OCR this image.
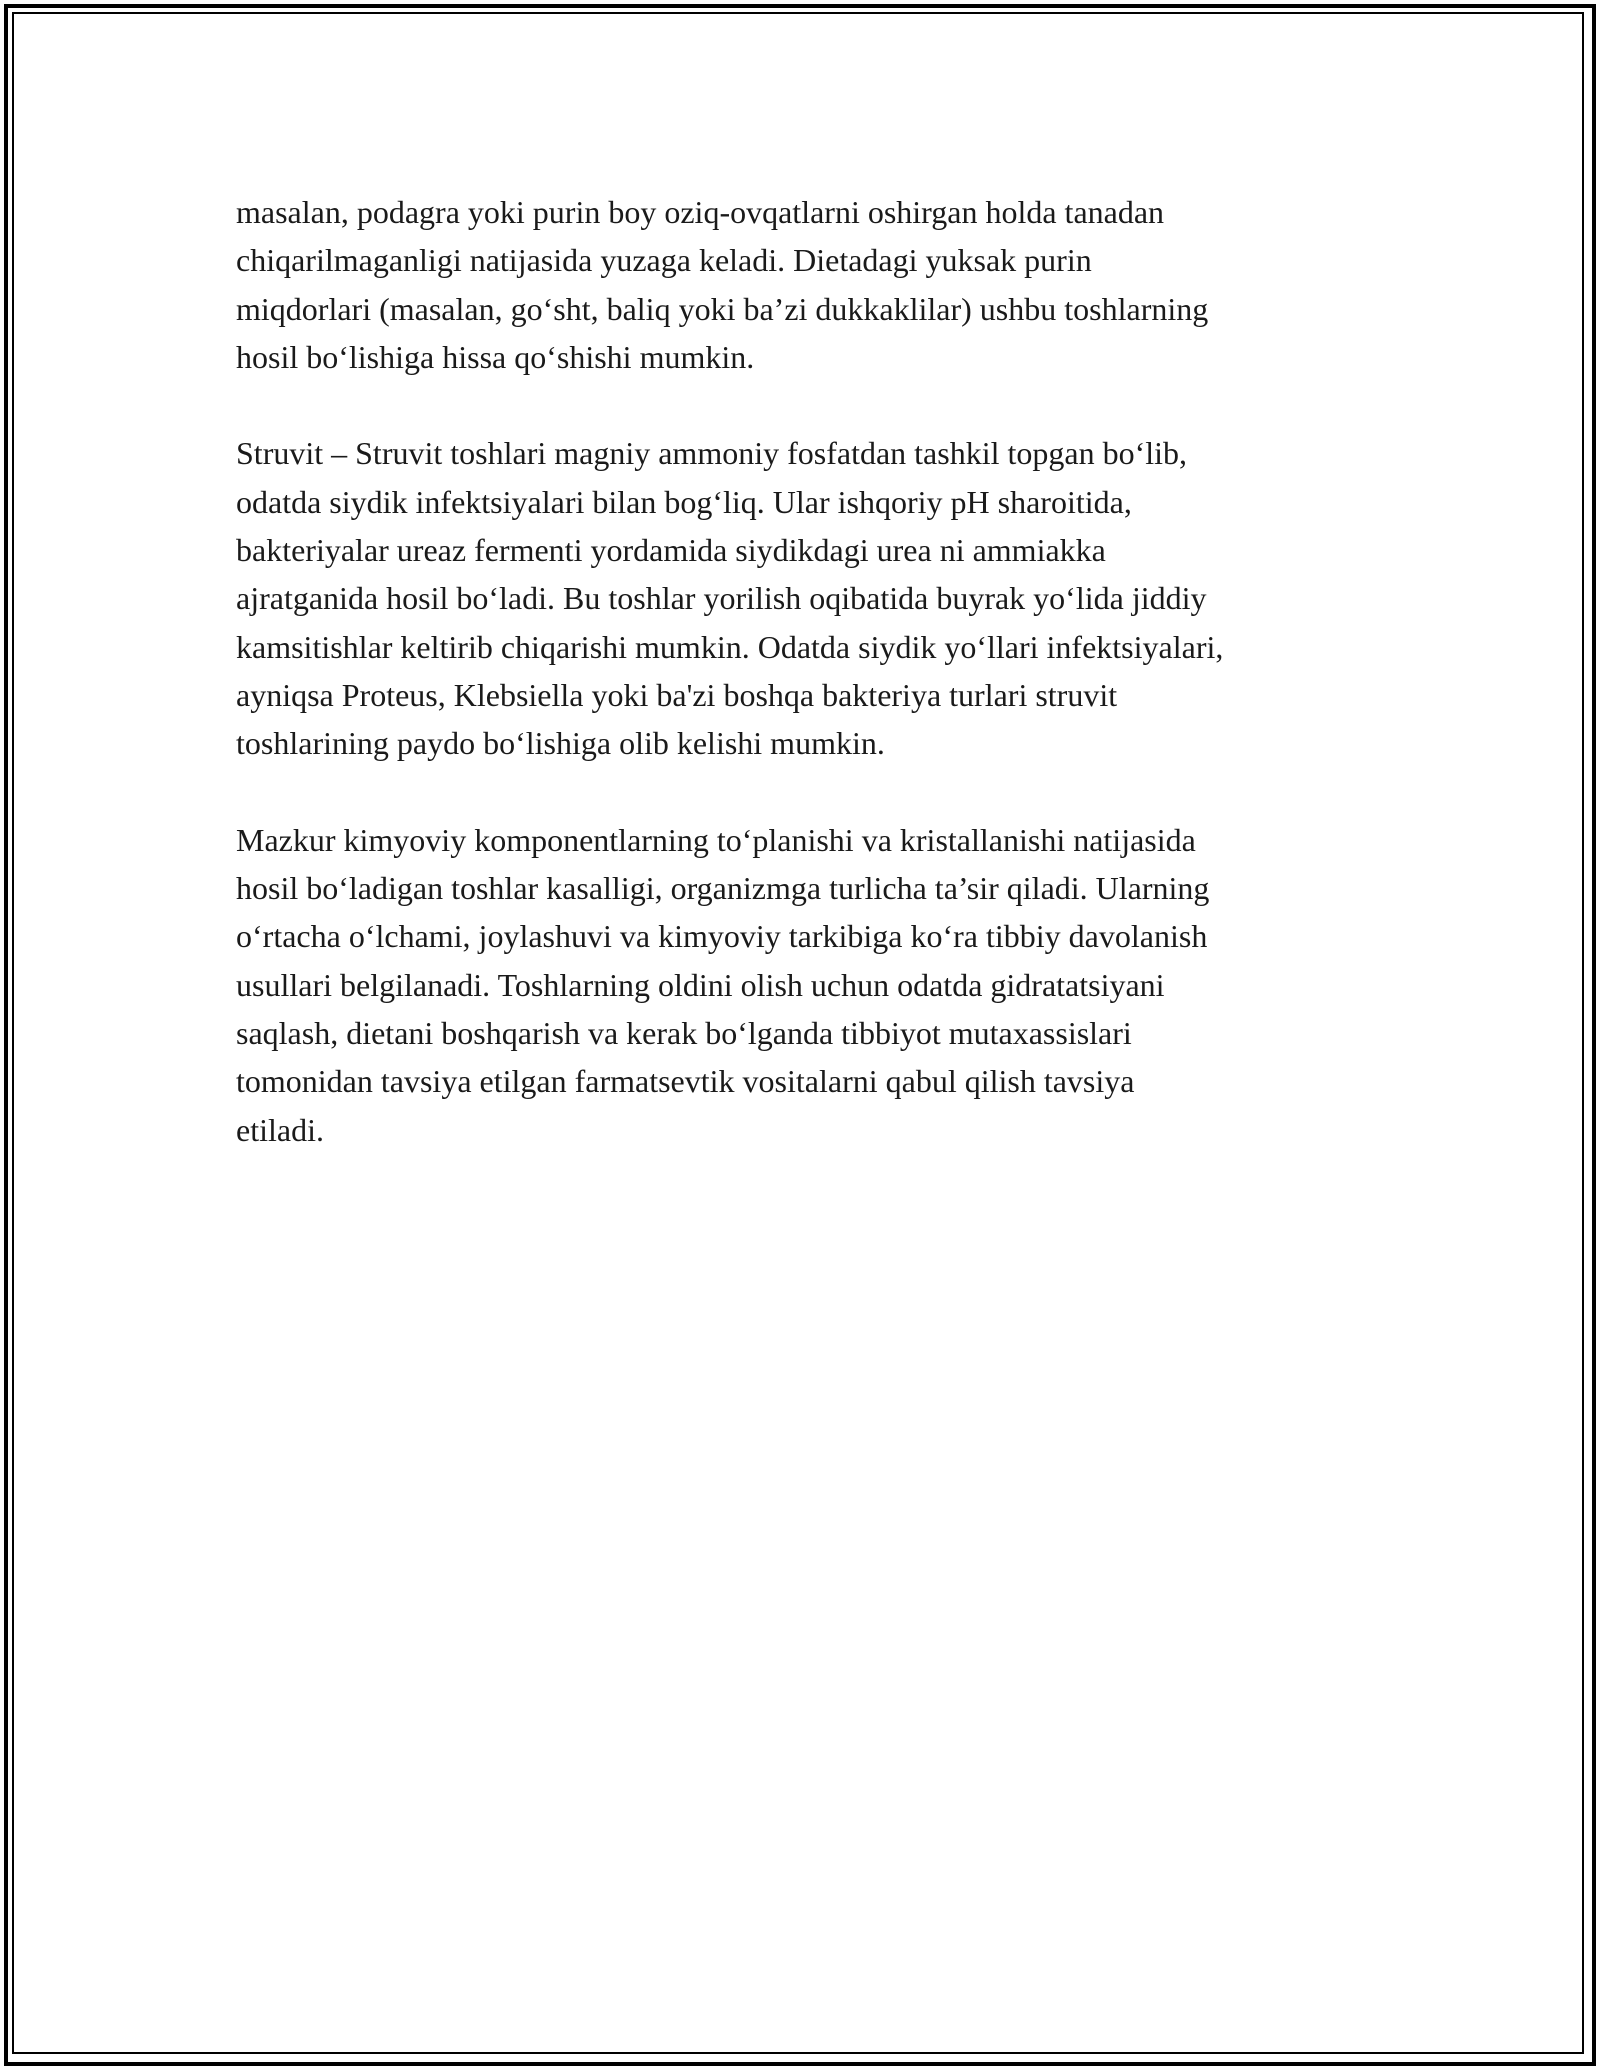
masalan, podagra yoki purin boy oziq-ovqatlarni oshirgan holda tanadan
chiqarilmaganligi natijasida yuzaga keladi. Dietadagi yuksak purin
miqdorlari (masalan, go‘sht, baliq yoki ba’zi dukkaklilar) ushbu toshlarning
hosil bo‘lishiga hissa qo‘shishi mumkin.

Struvit – Struvit toshlari magniy ammoniy fosfatdan tashkil topgan bo‘lib,
odatda siydik infektsiyalari bilan bog‘liq. Ular ishqoriy pH sharoitida,
bakteriyalar ureaz fermenti yordamida siydikdagi urea ni ammiakka
ajratganida hosil bo‘ladi. Bu toshlar yorilish oqibatida buyrak yo‘lida jiddiy
kamsitishlar keltirib chiqarishi mumkin. Odatda siydik yo‘llari infektsiyalari,
ayniqsa Proteus, Klebsiella yoki ba'zi boshqa bakteriya turlari struvit
toshlarining paydo bo‘lishiga olib kelishi mumkin.

Mazkur kimyoviy komponentlarning to‘planishi va kristallanishi natijasida
hosil bo‘ladigan toshlar kasalligi, organizmga turlicha ta’sir qiladi. Ularning
o‘rtacha o‘lchami, joylashuvi va kimyoviy tarkibiga ko‘ra tibbiy davolanish
usullari belgilanadi. Toshlarning oldini olish uchun odatda gidratatsiyani
saqlash, dietani boshqarish va kerak bo‘lganda tibbiyot mutaxassislari
tomonidan tavsiya etilgan farmatsevtik vositalarni qabul qilish tavsiya
etiladi.
